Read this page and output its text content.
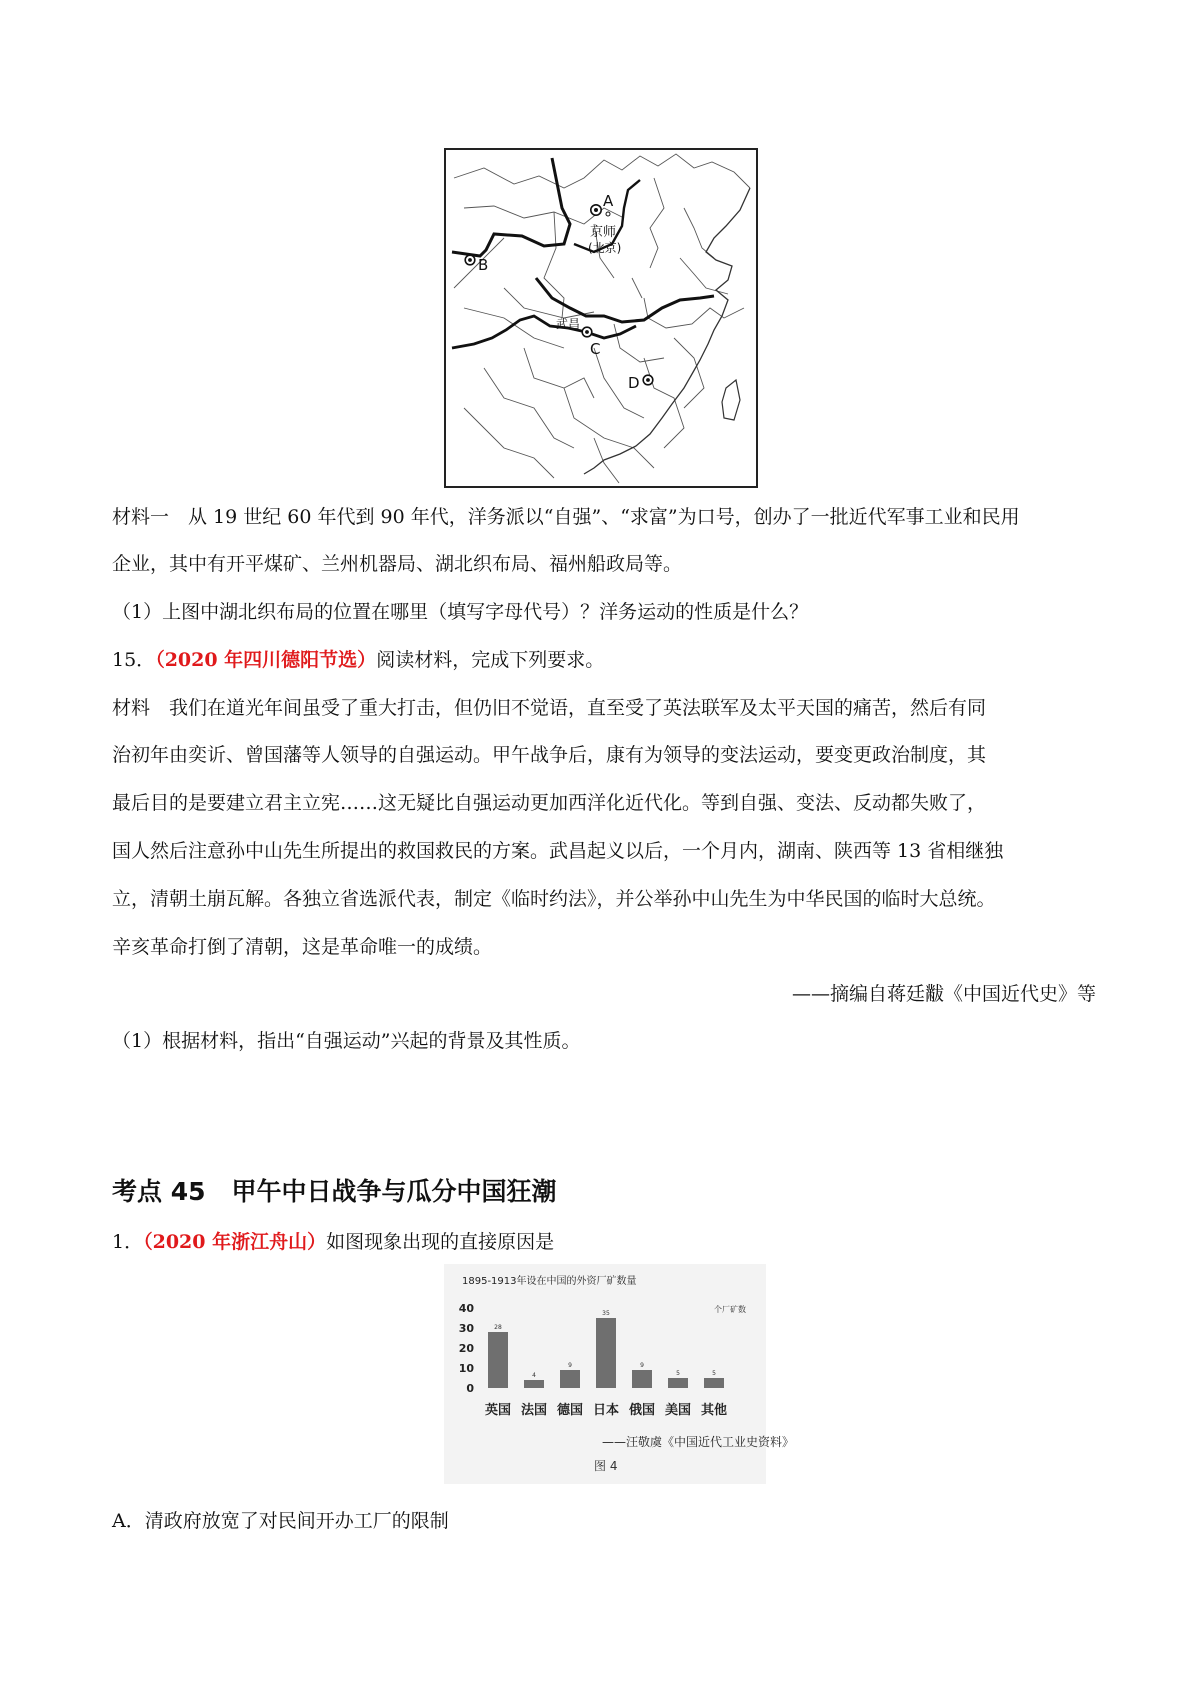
A
B
C
D
京师
(北京)
武昌
材料一　从 19 世纪 60 年代到 90 年代，洋务派以“自强”、“求富”为口号，创办了一批近代军事工业和民用
企业，其中有开平煤矿、兰州机器局、湖北织布局、福州船政局等。
（1）上图中湖北织布局的位置在哪里（填写字母代号）？洋务运动的性质是什么？
15．（2020 年四川德阳节选）阅读材料，完成下列要求。
材料　我们在道光年间虽受了重大打击，但仍旧不觉语，直至受了英法联军及太平天国的痛苦，然后有同
治初年由奕䜣、曾国藩等人领导的自强运动。甲午战争后，康有为领导的变法运动，要变更政治制度，其
最后目的是要建立君主立宪……这无疑比自强运动更加西洋化近代化。等到自强、变法、反动都失败了，
国人然后注意孙中山先生所提出的救国救民的方案。武昌起义以后，一个月内，湖南、陕西等 13 省相继独
立，清朝土崩瓦解。各独立省选派代表，制定《临时约法》，并公举孙中山先生为中华民国的临时大总统。
辛亥革命打倒了清朝，这是革命唯一的成绩。
——摘编自蒋廷黻《中国近代史》等
（1）根据材料，指出“自强运动”兴起的背景及其性质。
考点 45 甲午中日战争与瓜分中国狂潮
1．（2020 年浙江舟山）如图现象出现的直接原因是
1895-1913年设在中国的外资厂矿数量
个厂矿数
40
30
20
10
0
28
4
9
35
9
5	5
英国 法国 德国 日本 俄国 美国 其他
——汪敬虞《中国近代工业史资料》
图 4
A．清政府放宽了对民间开办工厂的限制
